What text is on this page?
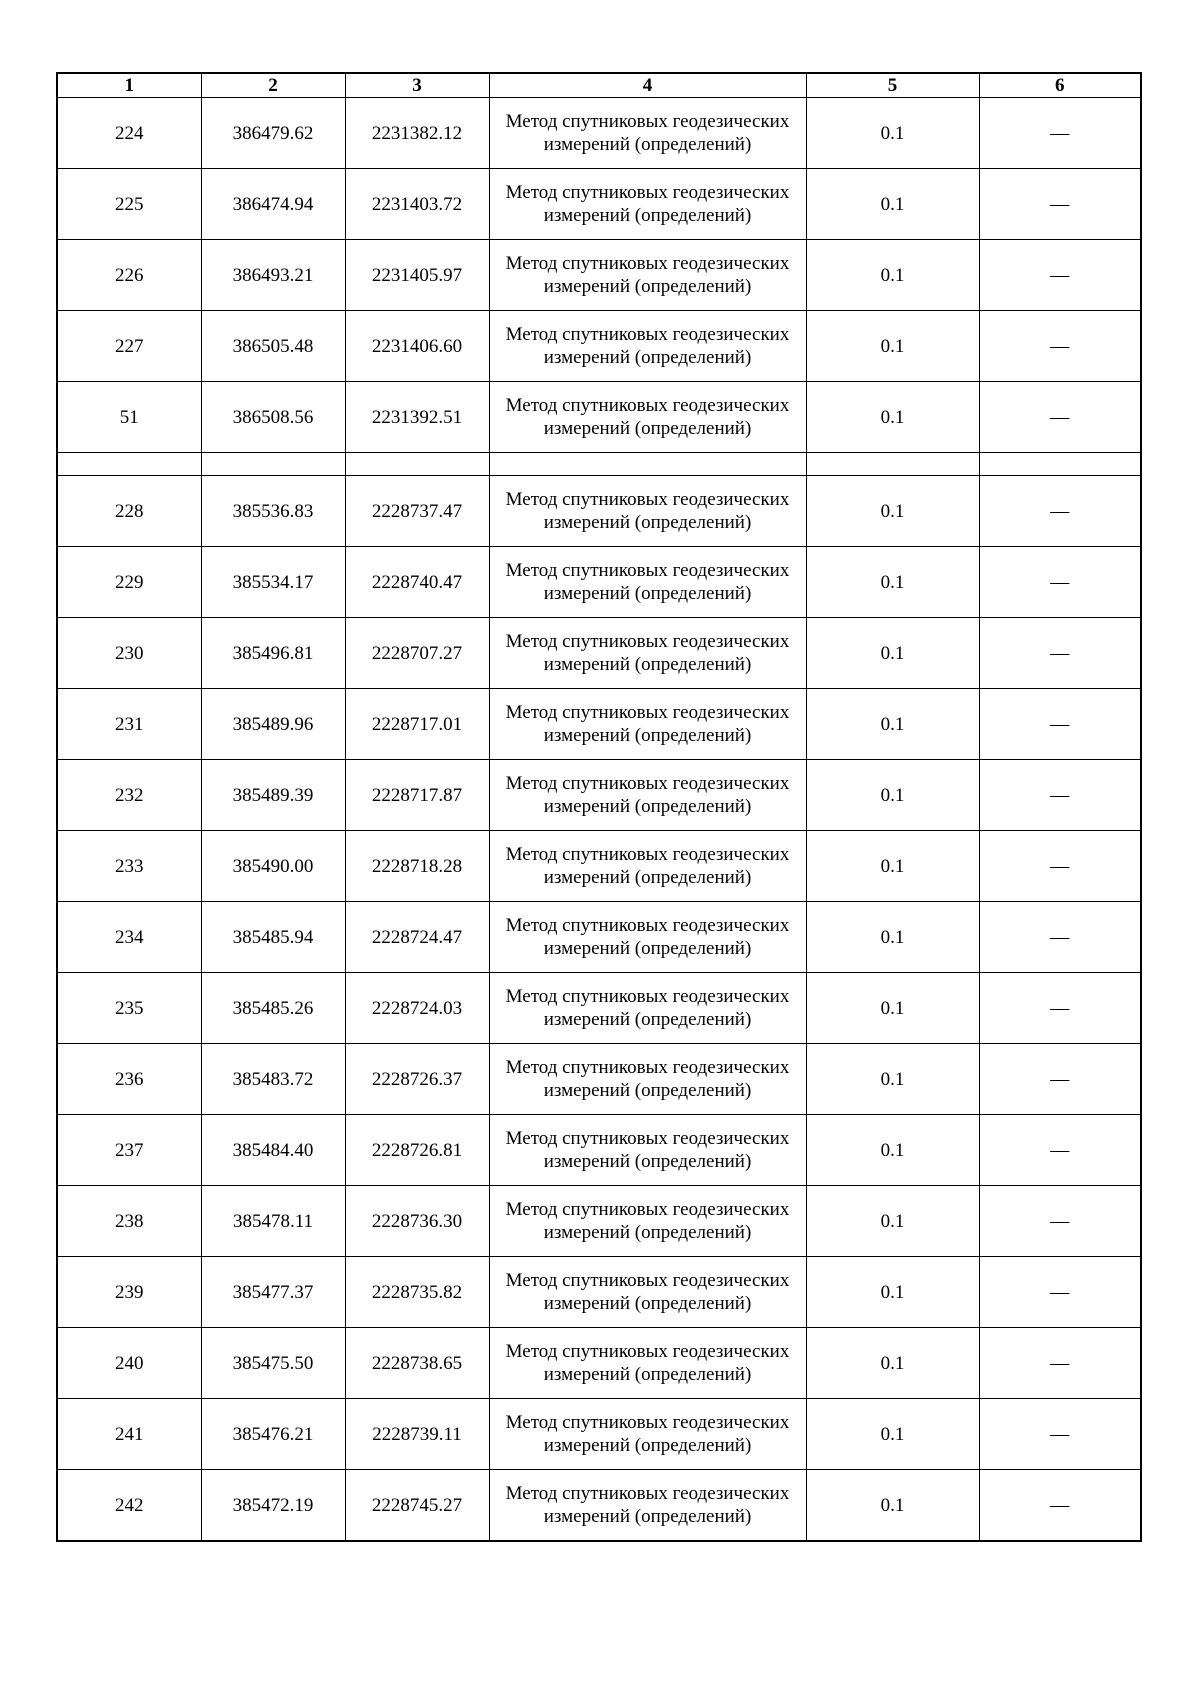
1	2	3	4	5	6
224	386479.62	2231382.12	Метод спутниковых геодезических измерений (определений)	0.1	—
225	386474.94	2231403.72	Метод спутниковых геодезических измерений (определений)	0.1	—
226	386493.21	2231405.97	Метод спутниковых геодезических измерений (определений)	0.1	—
227	386505.48	2231406.60	Метод спутниковых геодезических измерений (определений)	0.1	—
51	386508.56	2231392.51	Метод спутниковых геодезических измерений (определений)	0.1	—

228	385536.83	2228737.47	Метод спутниковых геодезических измерений (определений)	0.1	—
229	385534.17	2228740.47	Метод спутниковых геодезических измерений (определений)	0.1	—
230	385496.81	2228707.27	Метод спутниковых геодезических измерений (определений)	0.1	—
231	385489.96	2228717.01	Метод спутниковых геодезических измерений (определений)	0.1	—
232	385489.39	2228717.87	Метод спутниковых геодезических измерений (определений)	0.1	—
233	385490.00	2228718.28	Метод спутниковых геодезических измерений (определений)	0.1	—
234	385485.94	2228724.47	Метод спутниковых геодезических измерений (определений)	0.1	—
235	385485.26	2228724.03	Метод спутниковых геодезических измерений (определений)	0.1	—
236	385483.72	2228726.37	Метод спутниковых геодезических измерений (определений)	0.1	—
237	385484.40	2228726.81	Метод спутниковых геодезических измерений (определений)	0.1	—
238	385478.11	2228736.30	Метод спутниковых геодезических измерений (определений)	0.1	—
239	385477.37	2228735.82	Метод спутниковых геодезических измерений (определений)	0.1	—
240	385475.50	2228738.65	Метод спутниковых геодезических измерений (определений)	0.1	—
241	385476.21	2228739.11	Метод спутниковых геодезических измерений (определений)	0.1	—
242	385472.19	2228745.27	Метод спутниковых геодезических измерений (определений)	0.1	—
